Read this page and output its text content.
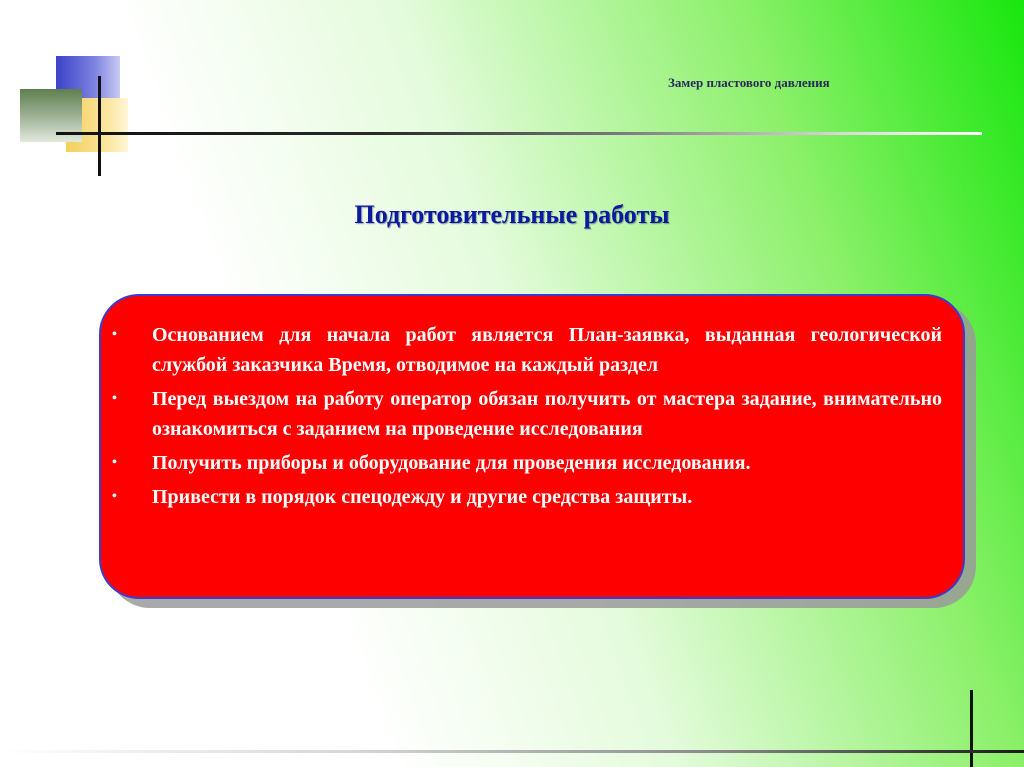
Замер пластового давления
Подготовительные работы
• Основанием для начала работ является План-заявка, выданная геологической службой заказчика Время, отводимое на каждый раздел
• Перед выездом на работу оператор обязан получить от мастера задание, внимательно ознакомиться с заданием на проведение исследования
• Получить приборы и оборудование для проведения исследования.
• Привести в порядок спецодежду и другие средства защиты.
